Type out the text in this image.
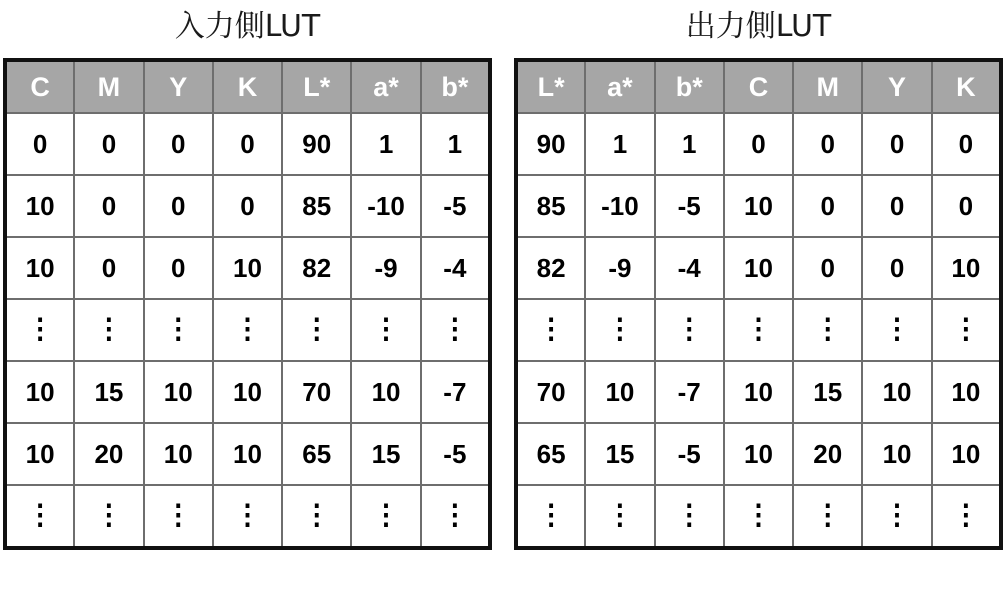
入力側LUT
C	M	Y	K	L*	a*	b*
0	0	0	0	90	1	1
10	0	0	0	85	-10	-5
10	0	0	10	82	-9	-4
⋮	⋮	⋮	⋮	⋮	⋮	⋮
10	15	10	10	70	10	-7
10	20	10	10	65	15	-5
⋮	⋮	⋮	⋮	⋮	⋮	⋮
出力側LUT
L*	a*	b*	C	M	Y	K
90	1	1	0	0	0	0
85	-10	-5	10	0	0	0
82	-9	-4	10	0	0	10
⋮	⋮	⋮	⋮	⋮	⋮	⋮
70	10	-7	10	15	10	10
65	15	-5	10	20	10	10
⋮	⋮	⋮	⋮	⋮	⋮	⋮
